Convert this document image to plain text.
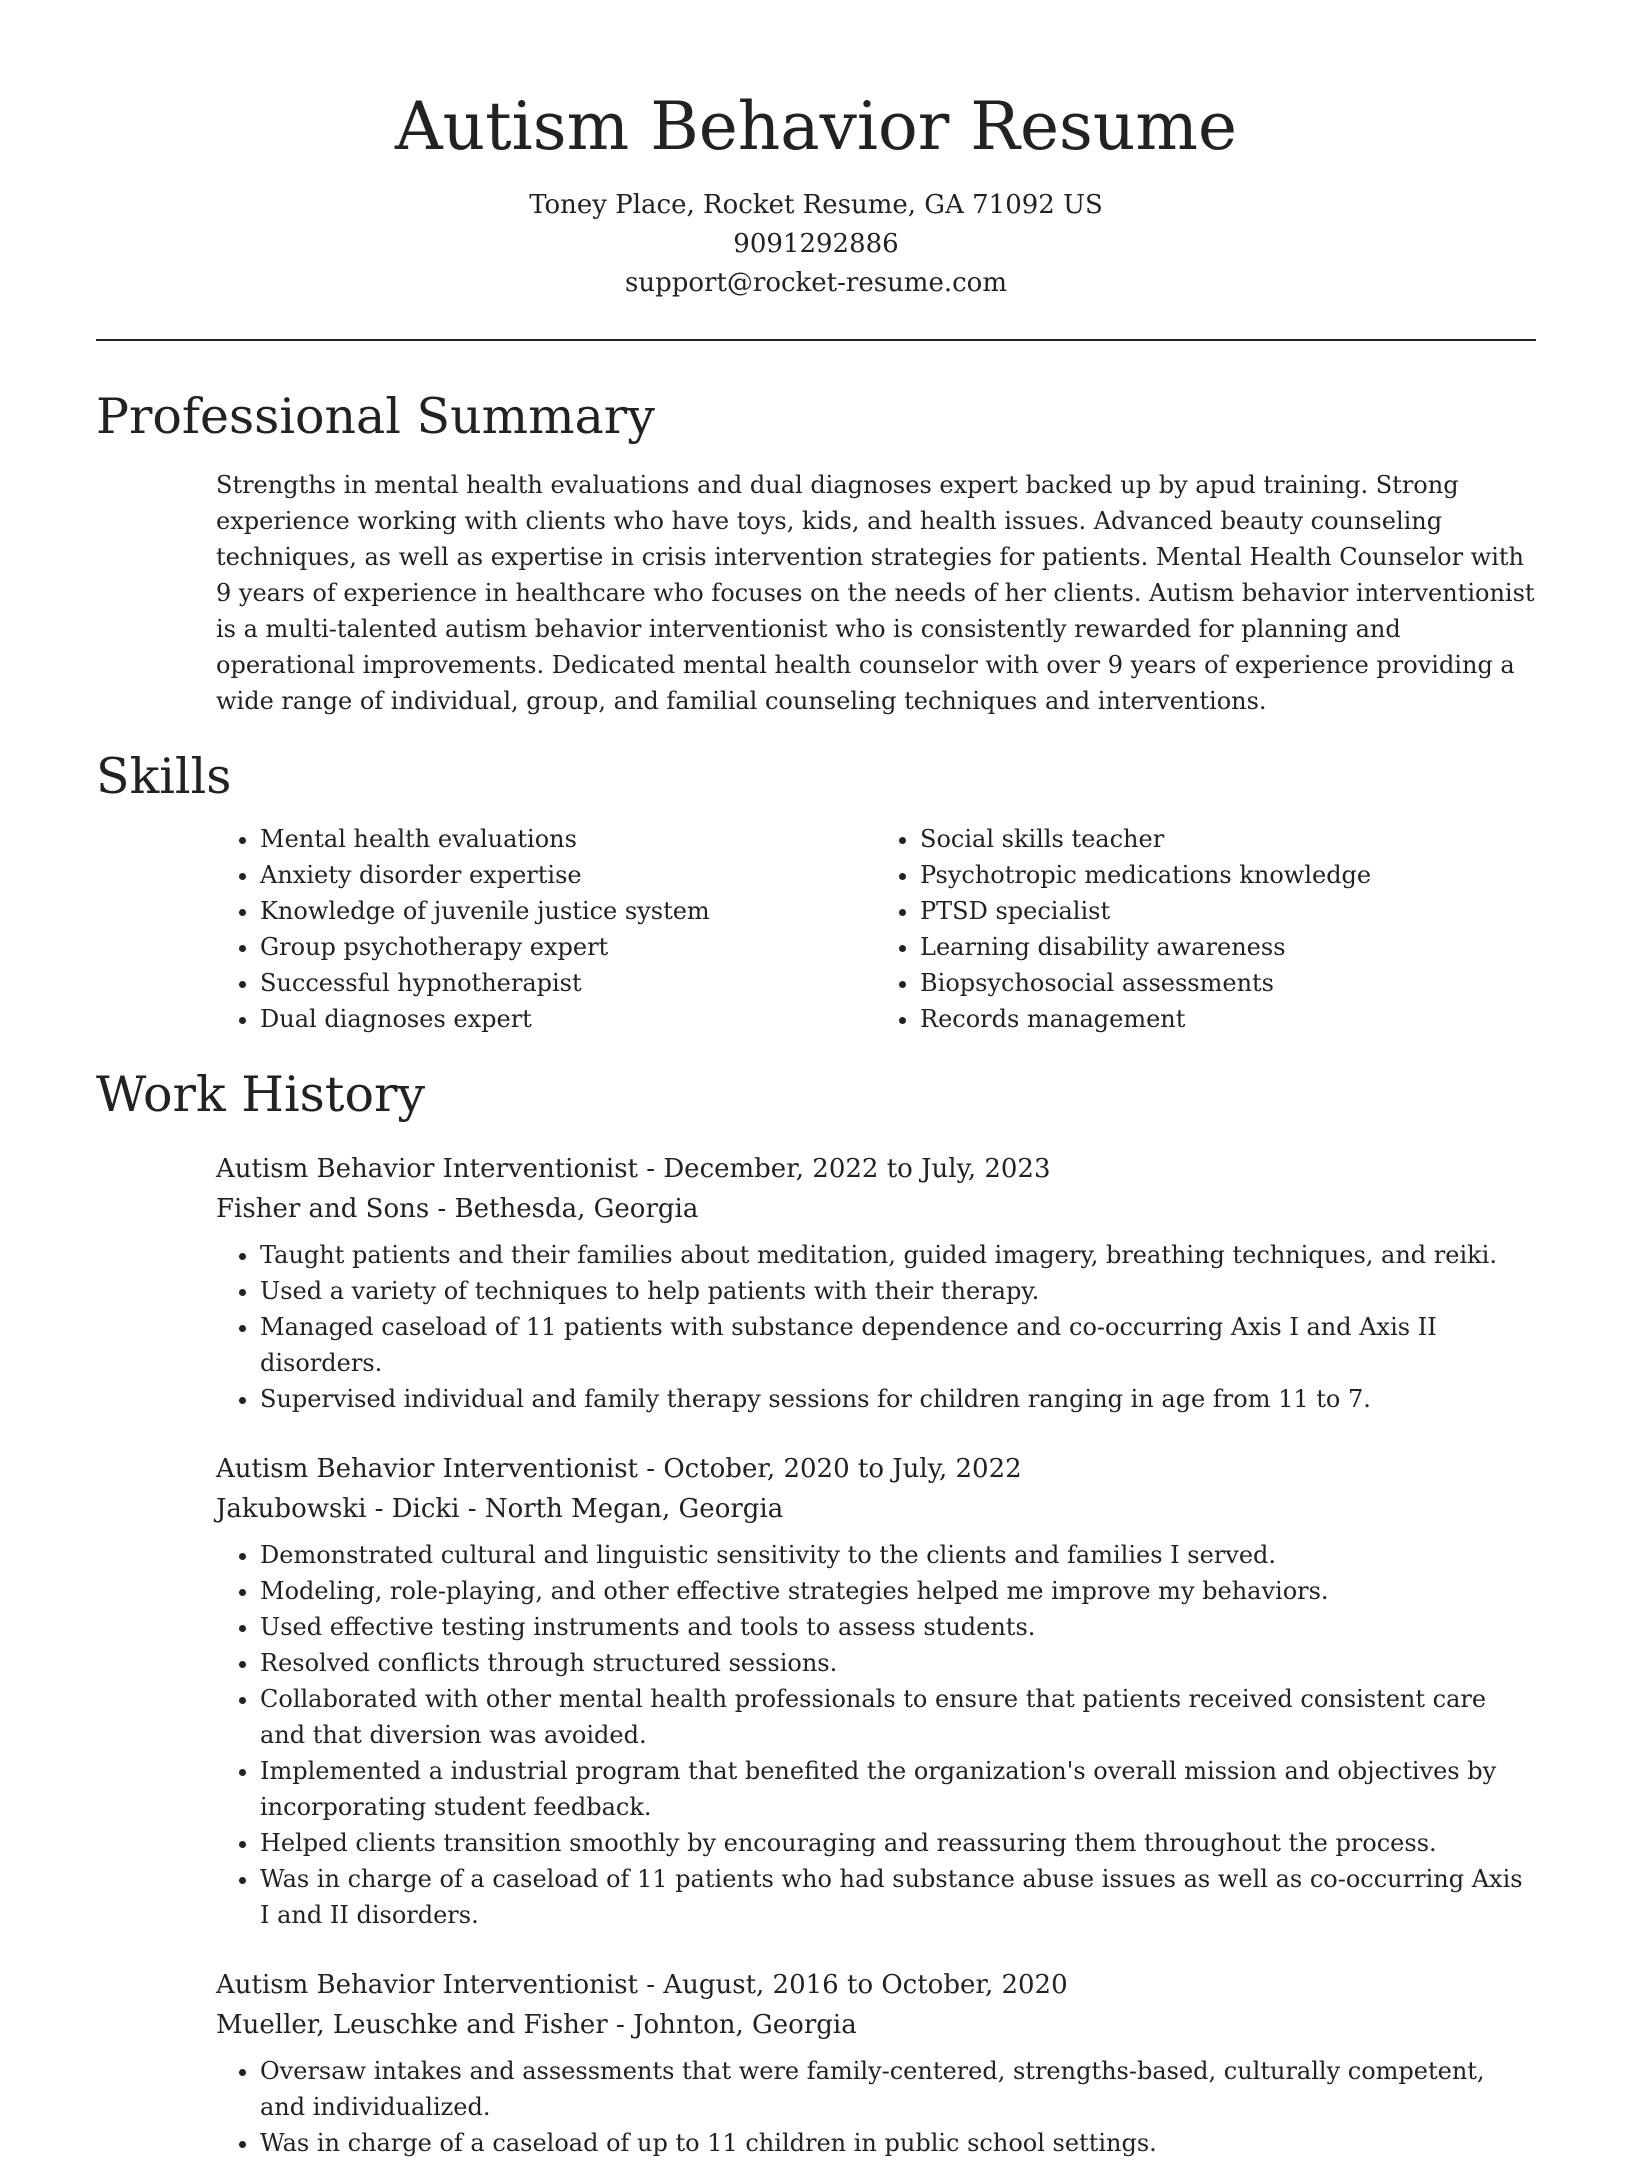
Autism Behavior Resume
Toney Place, Rocket Resume, GA 71092 US
9091292886
support@rocket-resume.com
Professional Summary
Strengths in mental health evaluations and dual diagnoses expert backed up by apud training. Strong experience working with clients who have toys, kids, and health issues. Advanced beauty counseling techniques, as well as expertise in crisis intervention strategies for patients. Mental Health Counselor with 9 years of experience in healthcare who focuses on the needs of her clients. Autism behavior interventionist is a multi-talented autism behavior interventionist who is consistently rewarded for planning and operational improvements. Dedicated mental health counselor with over 9 years of experience providing a wide range of individual, group, and familial counseling techniques and interventions.
Skills
• Mental health evaluations
• Anxiety disorder expertise
• Knowledge of juvenile justice system
• Group psychotherapy expert
• Successful hypnotherapist
• Dual diagnoses expert
• Social skills teacher
• Psychotropic medications knowledge
• PTSD specialist
• Learning disability awareness
• Biopsychosocial assessments
• Records management
Work History
Autism Behavior Interventionist - December, 2022 to July, 2023
Fisher and Sons - Bethesda, Georgia
• Taught patients and their families about meditation, guided imagery, breathing techniques, and reiki.
• Used a variety of techniques to help patients with their therapy.
• Managed caseload of 11 patients with substance dependence and co-occurring Axis I and Axis II disorders.
• Supervised individual and family therapy sessions for children ranging in age from 11 to 7.
Autism Behavior Interventionist - October, 2020 to July, 2022
Jakubowski - Dicki - North Megan, Georgia
• Demonstrated cultural and linguistic sensitivity to the clients and families I served.
• Modeling, role-playing, and other effective strategies helped me improve my behaviors.
• Used effective testing instruments and tools to assess students.
• Resolved conflicts through structured sessions.
• Collaborated with other mental health professionals to ensure that patients received consistent care and that diversion was avoided.
• Implemented a industrial program that benefited the organization's overall mission and objectives by incorporating student feedback.
• Helped clients transition smoothly by encouraging and reassuring them throughout the process.
• Was in charge of a caseload of 11 patients who had substance abuse issues as well as co-occurring Axis I and II disorders.
Autism Behavior Interventionist - August, 2016 to October, 2020
Mueller, Leuschke and Fisher - Johnton, Georgia
• Oversaw intakes and assessments that were family-centered, strengths-based, culturally competent, and individualized.
• Was in charge of a caseload of up to 11 children in public school settings.
